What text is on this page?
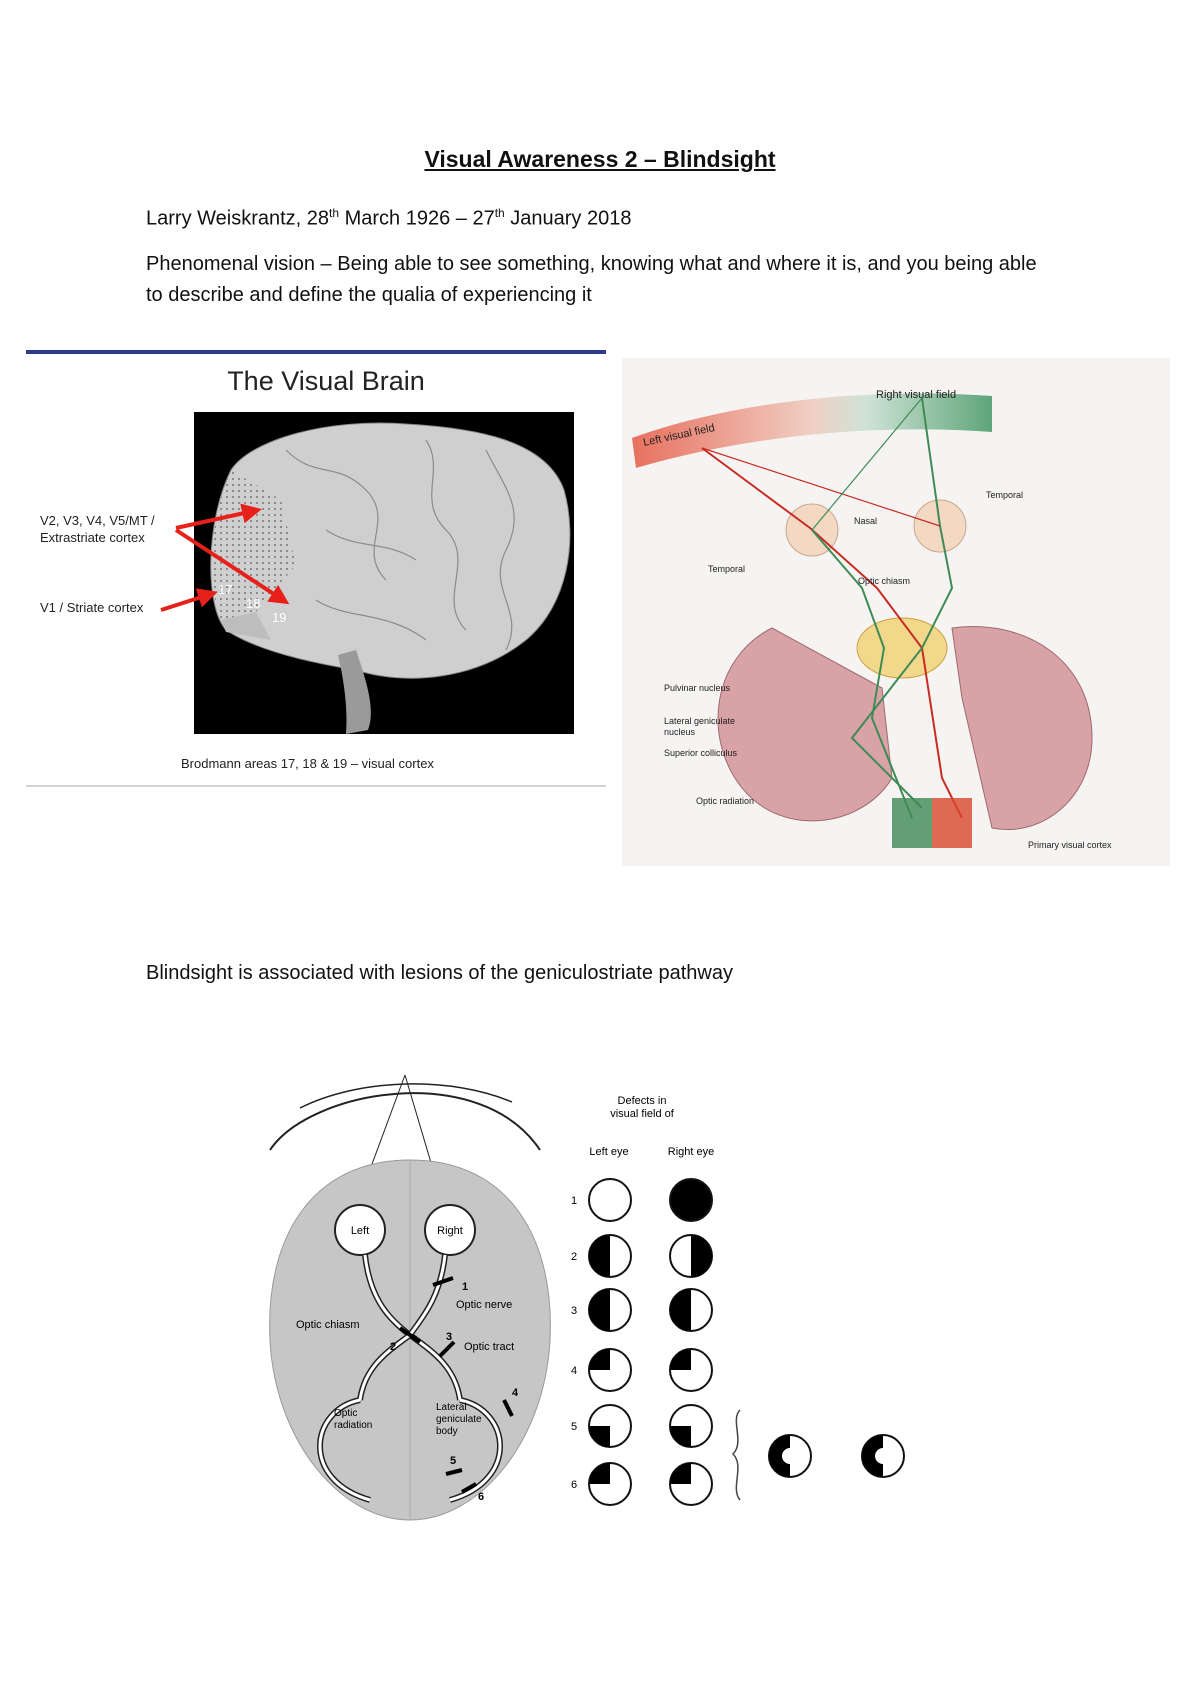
Visual Awareness 2 – Blindsight
Larry Weiskrantz, 28th March 1926 – 27th January 2018
Phenomenal vision – Being able to see something, knowing what and where it is, and you being able to describe and define the qualia of experiencing it
The Visual Brain
17
18
19
V2, V3, V4, V5/MT /
Extrastriate cortex
V1 / Striate cortex
Brodmann areas 17, 18 & 19 – visual cortex
Left visual field
Right visual field
Temporal
Nasal
Temporal
Optic chiasm
Pulvinar nucleus
Lateral geniculate
nucleus
Superior colliculus
Optic radiation
Primary visual cortex
Blindsight is associated with lesions of the geniculostriate pathway
Left	Right
1
Optic nerve
Optic chiasm
2
3
Optic tract
4
Optic
radiation
Lateral
geniculate
body
5
6
Defects in
visual field of
Left eye	Right eye
1
2
3
4
5
6
